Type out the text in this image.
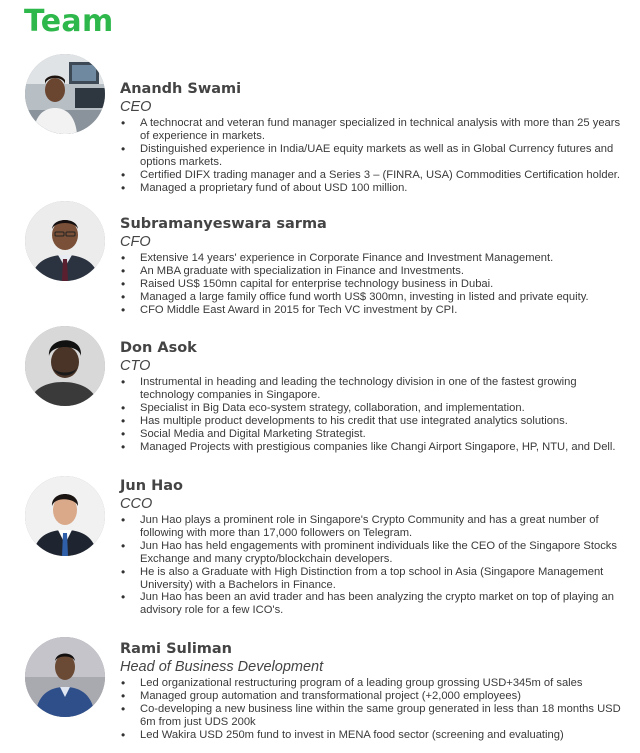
Team
Anandh Swami
CEO
• A technocrat and veteran fund manager specialized in technical analysis with more than 25 years of experience in markets.
• Distinguished experience in India/UAE equity markets as well as in Global Currency futures and options markets.
• Certified DIFX trading manager and a Series 3 – (FINRA, USA) Commodities Certification holder.
• Managed a proprietary fund of about USD 100 million.
Subramanyeswara sarma
CFO
• Extensive 14 years' experience in Corporate Finance and Investment Management.
• An MBA graduate with specialization in Finance and Investments.
• Raised US$ 150mn capital for enterprise technology business in Dubai.
• Managed a large family office fund worth US$ 300mn, investing in listed and private equity.
• CFO Middle East Award in 2015 for Tech VC investment by CPI.
Don Asok
CTO
• Instrumental in heading and leading the technology division in one of the fastest growing technology companies in Singapore.
• Specialist in Big Data eco-system strategy, collaboration, and implementation.
• Has multiple product developments to his credit that use integrated analytics solutions.
• Social Media and Digital Marketing Strategist.
• Managed Projects with prestigious companies like Changi Airport Singapore, HP, NTU, and Dell.
Jun Hao
CCO
• Jun Hao plays a prominent role in Singapore's Crypto Community and has a great number of following with more than 17,000 followers on Telegram.
• Jun Hao has held engagements with prominent individuals like the CEO of the Singapore Stocks Exchange and many crypto/blockchain developers.
• He is also a Graduate with High Distinction from a top school in Asia (Singapore Management University) with a Bachelors in Finance.
• Jun Hao has been an avid trader and has been analyzing the crypto market on top of playing an advisory role for a few ICO's.
Rami Suliman
Head of Business Development
• Led organizational restructuring program of a leading group grossing USD+345m of sales
• Managed group automation and transformational project (+2,000 employees)
• Co-developing a new business line within the same group generated in less than 18 months USD 6m from just UDS 200k
• Led Wakira USD 250m fund to invest in MENA food sector (screening and evaluating)
